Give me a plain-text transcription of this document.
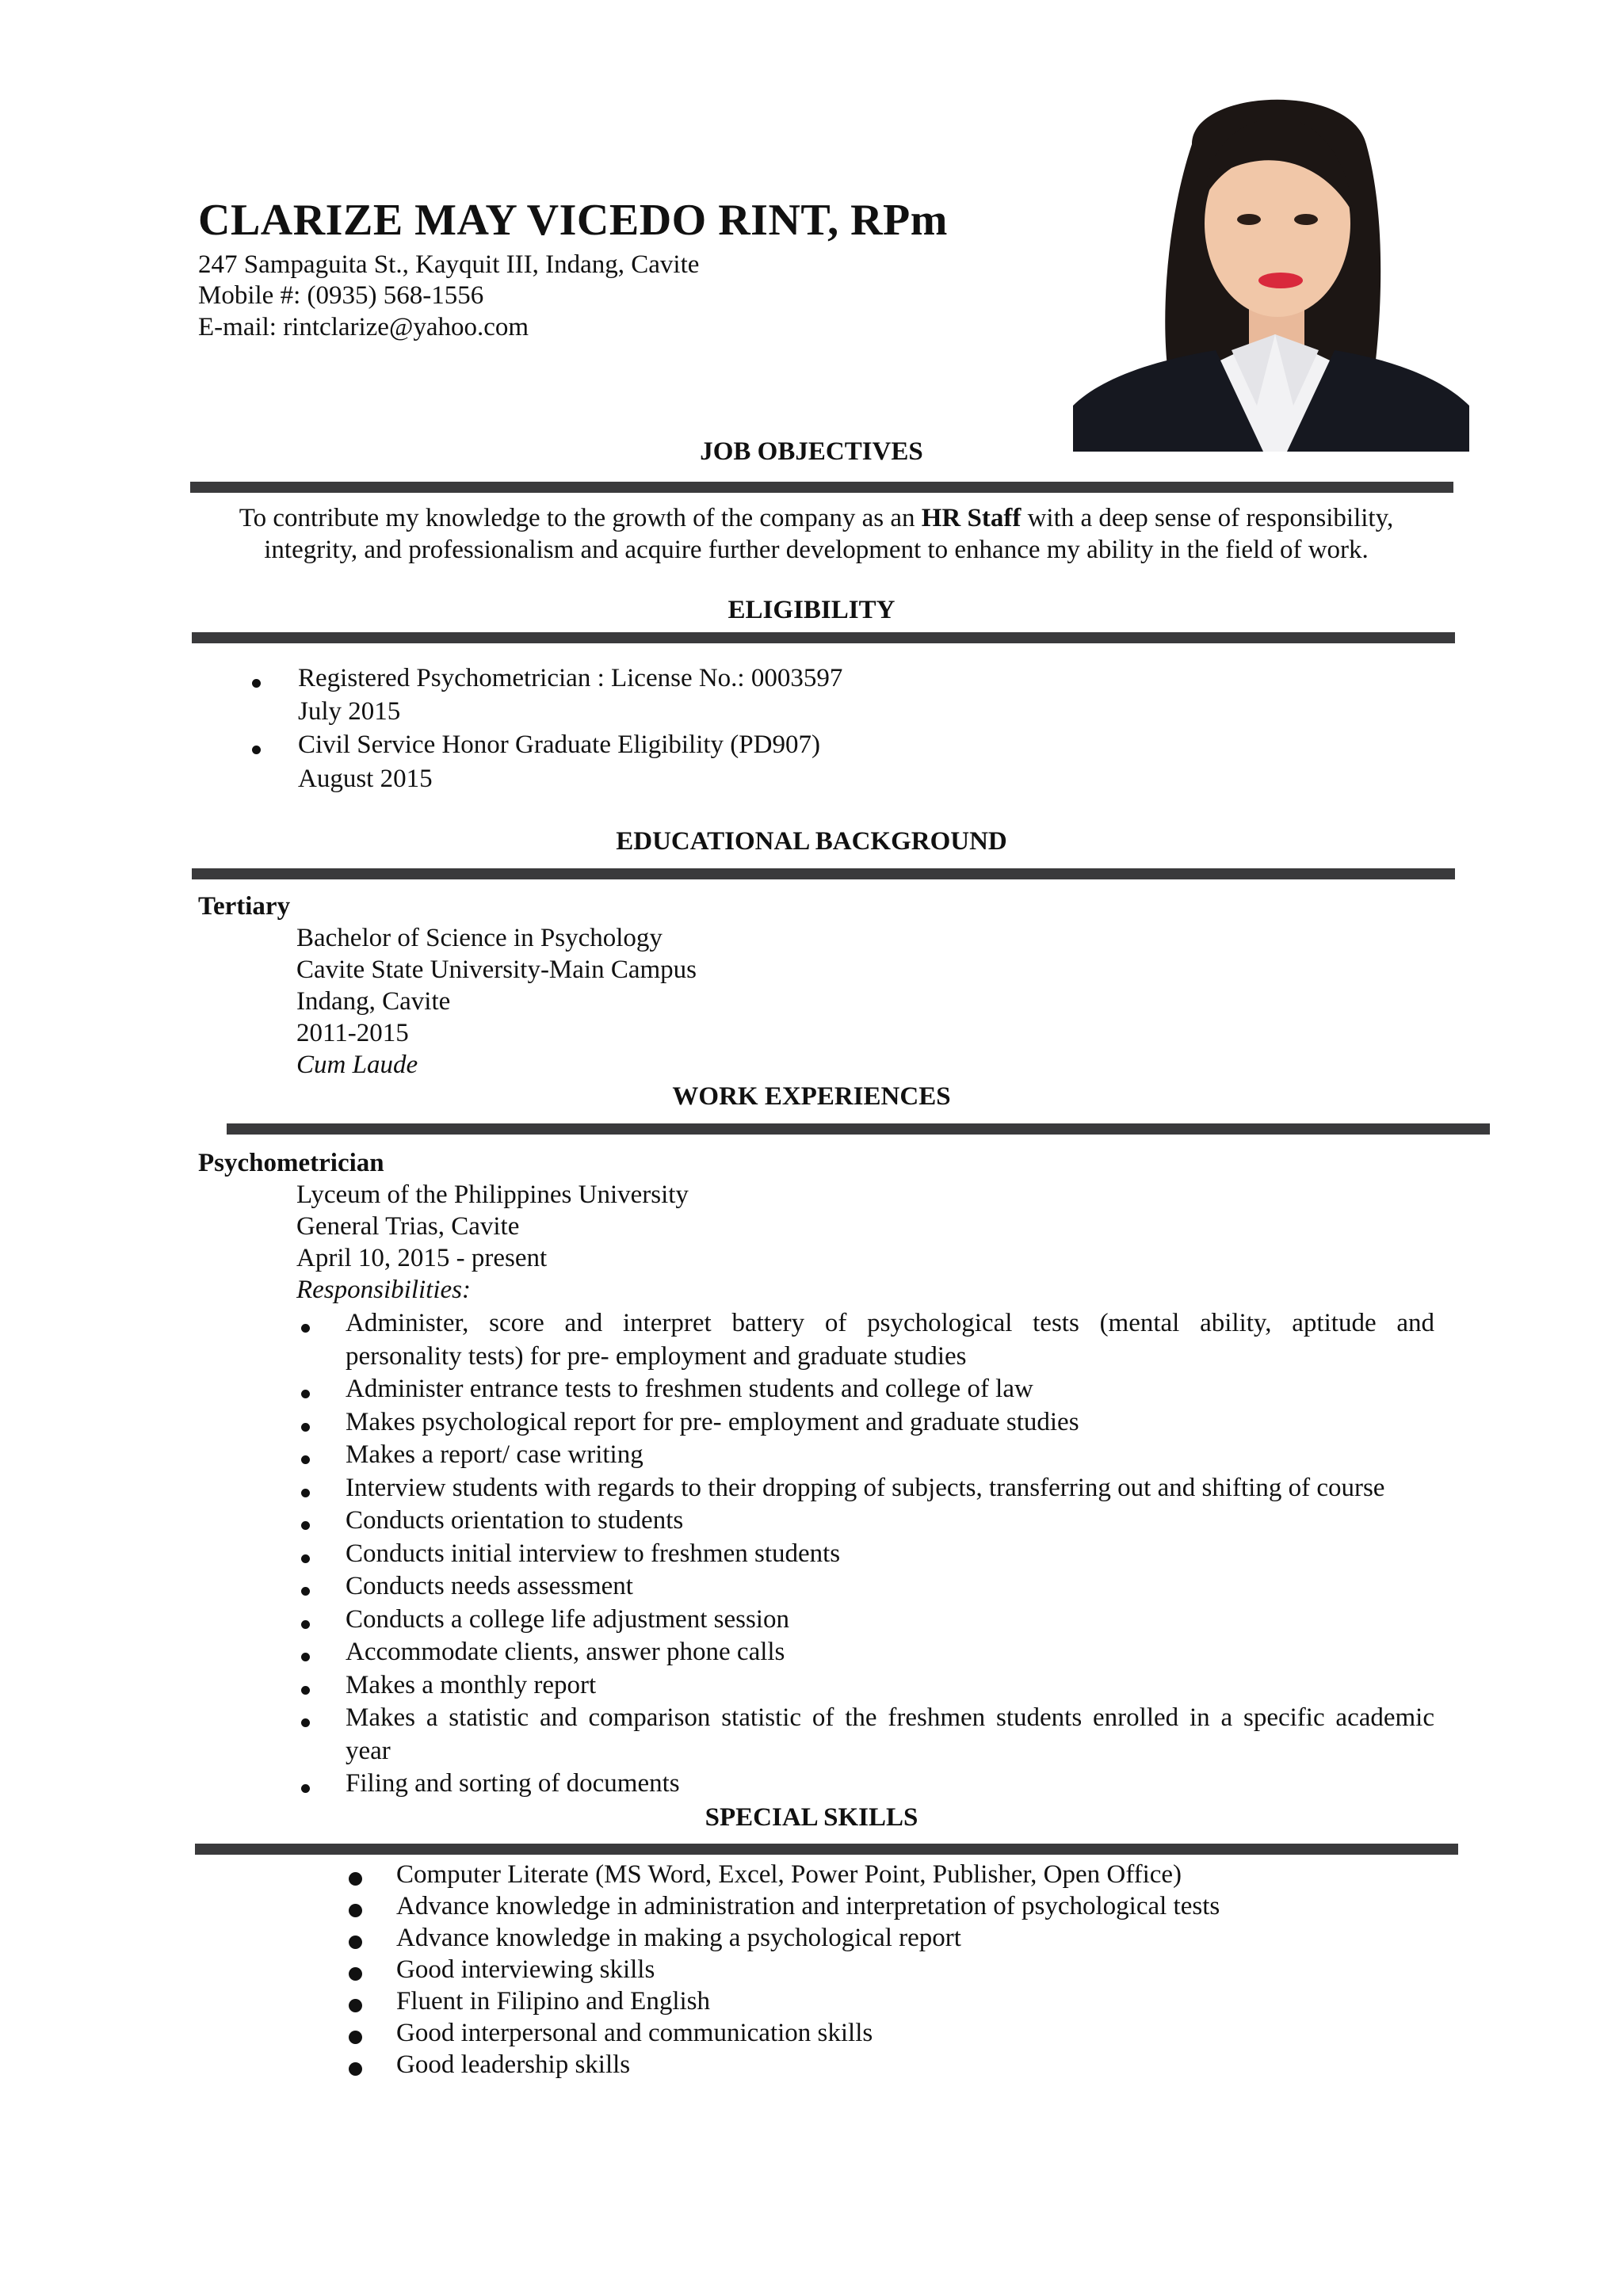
CLARIZE MAY VICEDO RINT, RPm
247 Sampaguita St., Kayquit III, Indang, Cavite
Mobile #: (0935) 568-1556
E-mail: rintclarize@yahoo.com
JOB OBJECTIVES
To contribute my knowledge to the growth of the company as an HR Staff with a deep sense of responsibility,
integrity, and professionalism and acquire further development to enhance my ability in the field of work.
ELIGIBILITY
Registered Psychometrician : License No.: 0003597
July 2015
Civil Service Honor Graduate Eligibility (PD907)
August 2015
EDUCATIONAL BACKGROUND
Tertiary
Bachelor of Science in Psychology
Cavite State University-Main Campus
Indang, Cavite
2011-2015
Cum Laude
WORK EXPERIENCES
Psychometrician
Lyceum of the Philippines University
General Trias, Cavite
April 10, 2015 - present
Responsibilities:
Administer, score and interpret battery of psychological tests (mental ability, aptitude and
personality tests) for pre- employment and graduate studies
Administer entrance tests to freshmen students and college of law
Makes psychological report for pre- employment and graduate studies
Makes a report/ case writing
Interview students with regards to their dropping of subjects, transferring out and shifting of course
Conducts orientation to students
Conducts initial interview to freshmen students
Conducts needs assessment
Conducts a college life adjustment session
Accommodate clients, answer phone calls
Makes a monthly report
Makes a statistic and comparison statistic of the freshmen students enrolled in a specific academic
year
Filing and sorting of documents
SPECIAL SKILLS
Computer Literate (MS Word, Excel, Power Point, Publisher, Open Office)
Advance knowledge in administration and interpretation of psychological tests
Advance knowledge in making a psychological report
Good interviewing skills
Fluent in Filipino and English
Good interpersonal and communication skills
Good leadership skills
